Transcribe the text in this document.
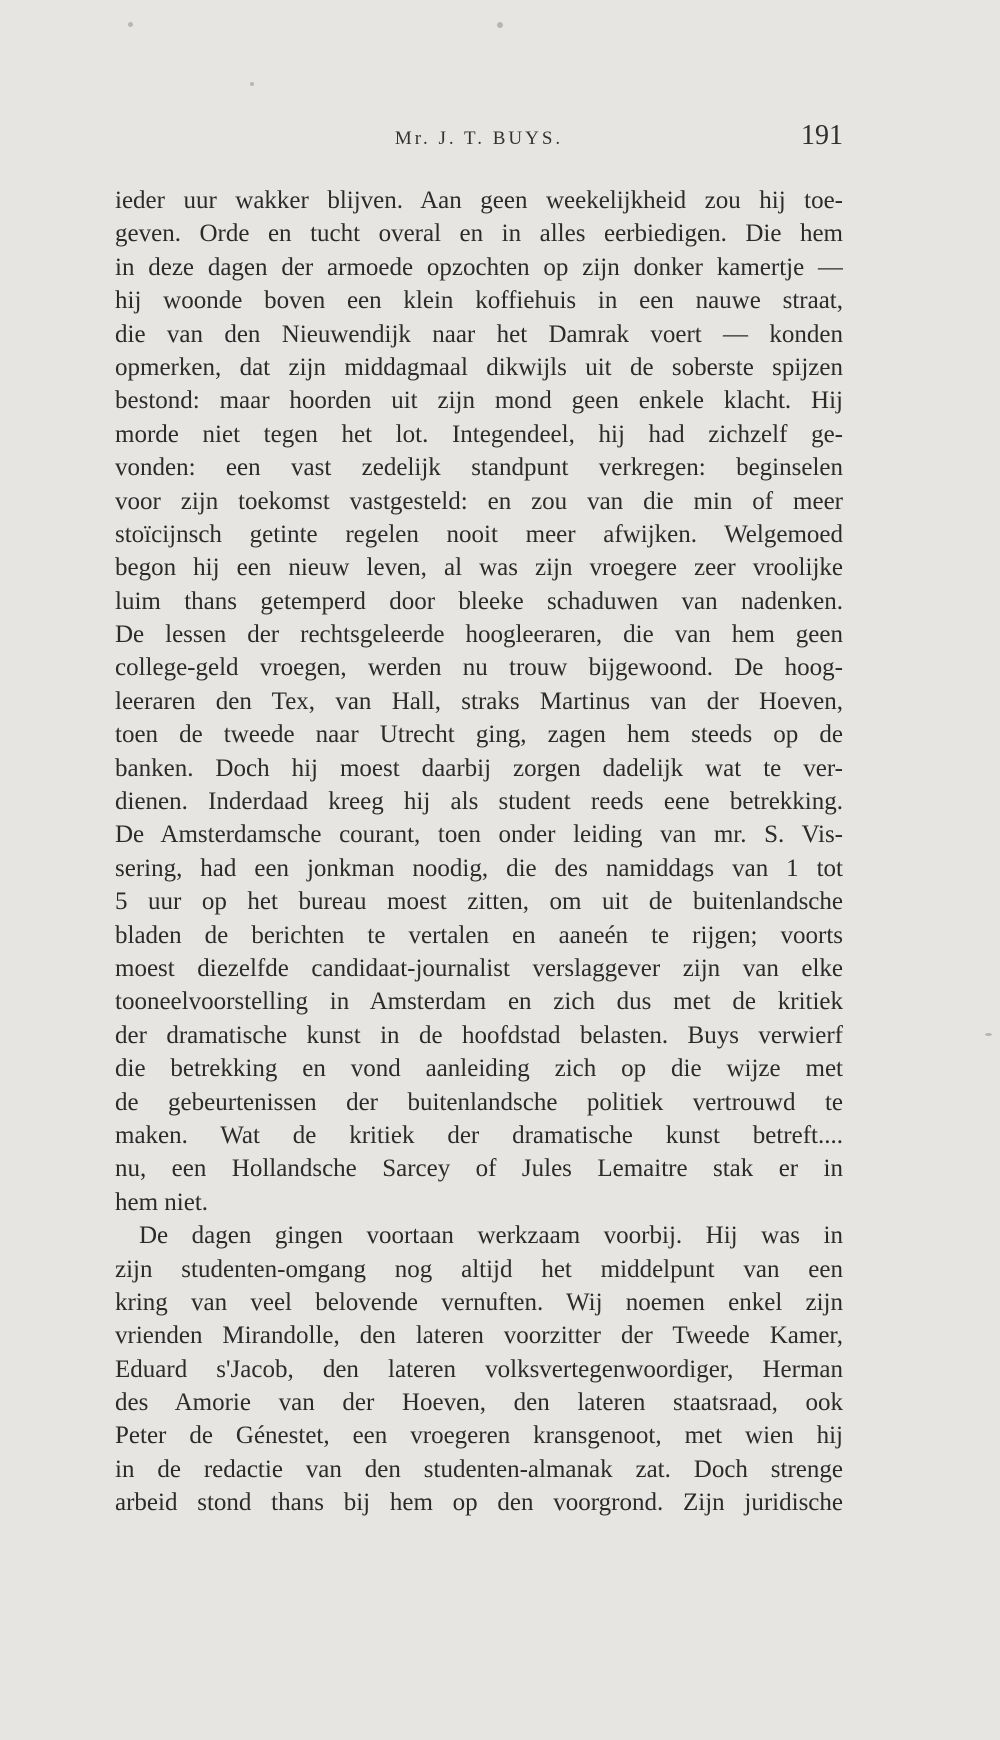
Mr. J. T. BUYS.	191
ieder uur wakker blijven. Aan geen weekelijkheid zou hij toe-
geven. Orde en tucht overal en in alles eerbiedigen. Die hem
in deze dagen der armoede opzochten op zijn donker kamertje —
hij woonde boven een klein koffiehuis in een nauwe straat,
die van den Nieuwendijk naar het Damrak voert — konden
opmerken, dat zijn middagmaal dikwijls uit de soberste spijzen
bestond: maar hoorden uit zijn mond geen enkele klacht. Hij
morde niet tegen het lot. Integendeel, hij had zichzelf ge-
vonden: een vast zedelijk standpunt verkregen: beginselen
voor zijn toekomst vastgesteld: en zou van die min of meer
stoïcijnsch getinte regelen nooit meer afwijken. Welgemoed
begon hij een nieuw leven, al was zijn vroegere zeer vroolijke
luim thans getemperd door bleeke schaduwen van nadenken.
De lessen der rechtsgeleerde hoogleeraren, die van hem geen
college-geld vroegen, werden nu trouw bijgewoond. De hoog-
leeraren den Tex, van Hall, straks Martinus van der Hoeven,
toen de tweede naar Utrecht ging, zagen hem steeds op de
banken. Doch hij moest daarbij zorgen dadelijk wat te ver-
dienen. Inderdaad kreeg hij als student reeds eene betrekking.
De Amsterdamsche courant, toen onder leiding van mr. S. Vis-
sering, had een jonkman noodig, die des namiddags van 1 tot
5 uur op het bureau moest zitten, om uit de buitenlandsche
bladen de berichten te vertalen en aaneén te rijgen; voorts
moest diezelfde candidaat-journalist verslaggever zijn van elke
tooneelvoorstelling in Amsterdam en zich dus met de kritiek
der dramatische kunst in de hoofdstad belasten. Buys verwierf
die betrekking en vond aanleiding zich op die wijze met
de gebeurtenissen der buitenlandsche politiek vertrouwd te
maken. Wat de kritiek der dramatische kunst betreft....
nu, een Hollandsche Sarcey of Jules Lemaitre stak er in
hem niet.
De dagen gingen voortaan werkzaam voorbij. Hij was in
zijn studenten-omgang nog altijd het middelpunt van een
kring van veel belovende vernuften. Wij noemen enkel zijn
vrienden Mirandolle, den lateren voorzitter der Tweede Kamer,
Eduard s'Jacob, den lateren volksvertegenwoordiger, Herman
des Amorie van der Hoeven, den lateren staatsraad, ook
Peter de Génestet, een vroegeren kransgenoot, met wien hij
in de redactie van den studenten-almanak zat. Doch strenge
arbeid stond thans bij hem op den voorgrond. Zijn juridische
